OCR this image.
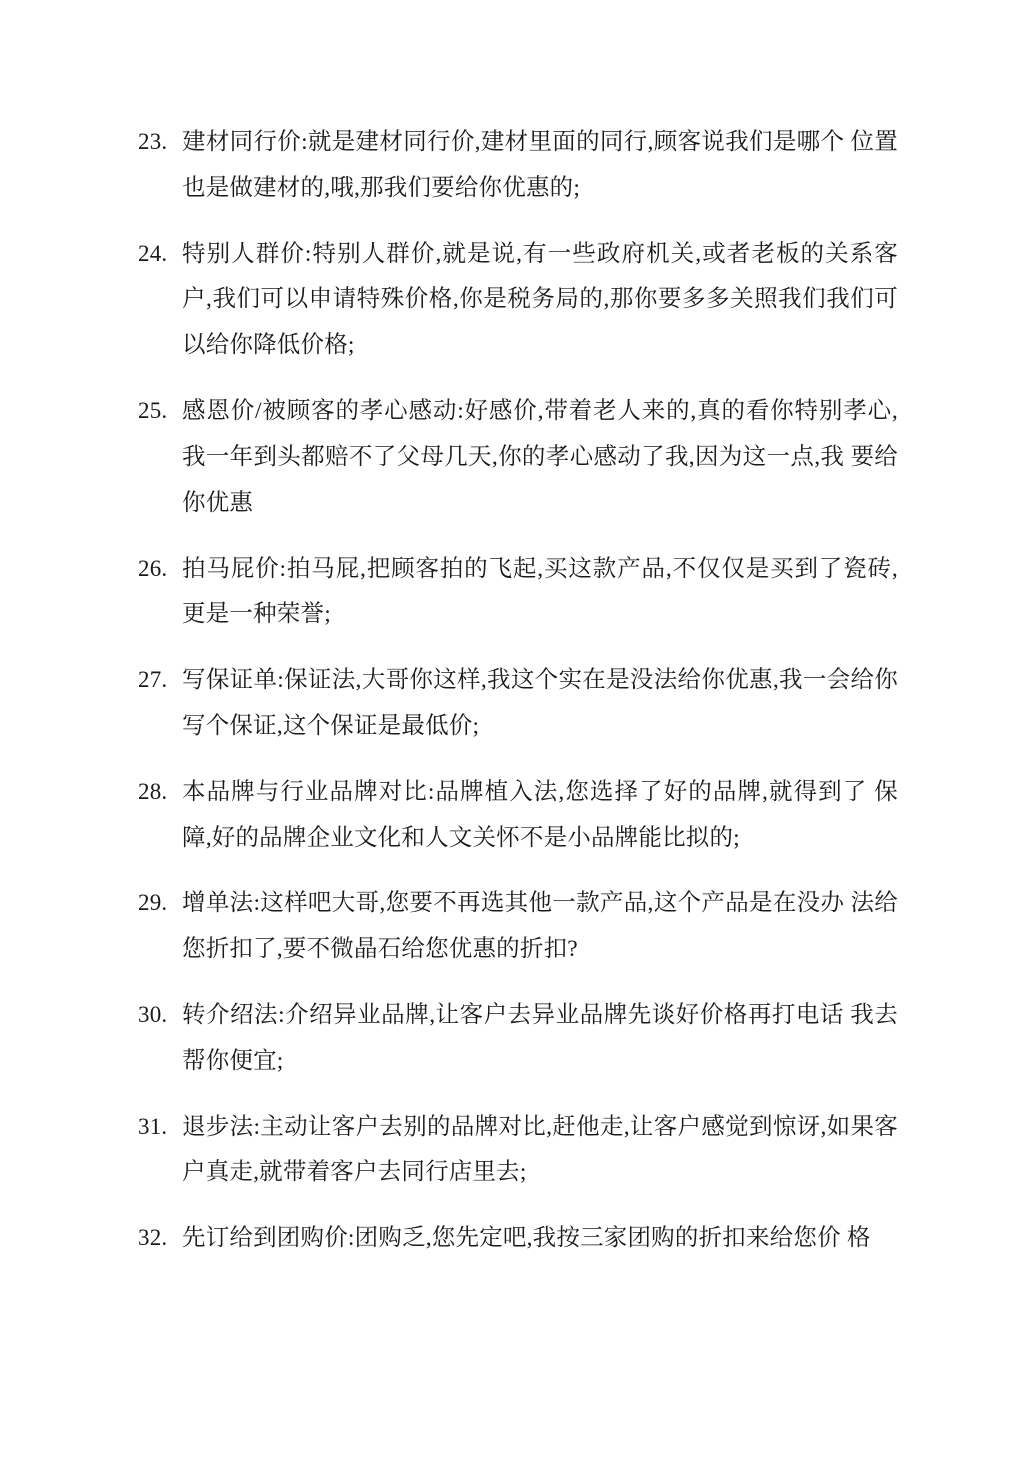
23. 建材同行价:就是建材同行价,建材里面的同行,顾客说我们是哪个 位置也是做建材的,哦,那我们要给你优惠的;
24. 特别人群价:特别人群价,就是说,有一些政府机关,或者老板的关系客户,我们可以申请特殊价格,你是税务局的,那你要多多关照我们我们可以给你降低价格;
25. 感恩价/被顾客的孝心感动:好感价,带着老人来的,真的看你特别孝心,我一年到头都赔不了父母几天,你的孝心感动了我,因为这一点,我 要给你优惠
26. 拍马屁价:拍马屁,把顾客拍的飞起,买这款产品,不仅仅是买到了瓷砖,更是一种荣誉;
27. 写保证单:保证法,大哥你这样,我这个实在是没法给你优惠,我一会给你写个保证,这个保证是最低价;
28. 本品牌与行业品牌对比:品牌植入法,您选择了好的品牌,就得到了 保障,好的品牌企业文化和人文关怀不是小品牌能比拟的;
29. 增单法:这样吧大哥,您要不再选其他一款产品,这个产品是在没办 法给您折扣了,要不微晶石给您优惠的折扣?
30. 转介绍法:介绍异业品牌,让客户去异业品牌先谈好价格再打电话 我去帮你便宜;
31. 退步法:主动让客户去别的品牌对比,赶他走,让客户感觉到惊讶,如果客户真走,就带着客户去同行店里去;
32. 先订给到团购价:团购乏,您先定吧,我按三家团购的折扣来给您价 格
